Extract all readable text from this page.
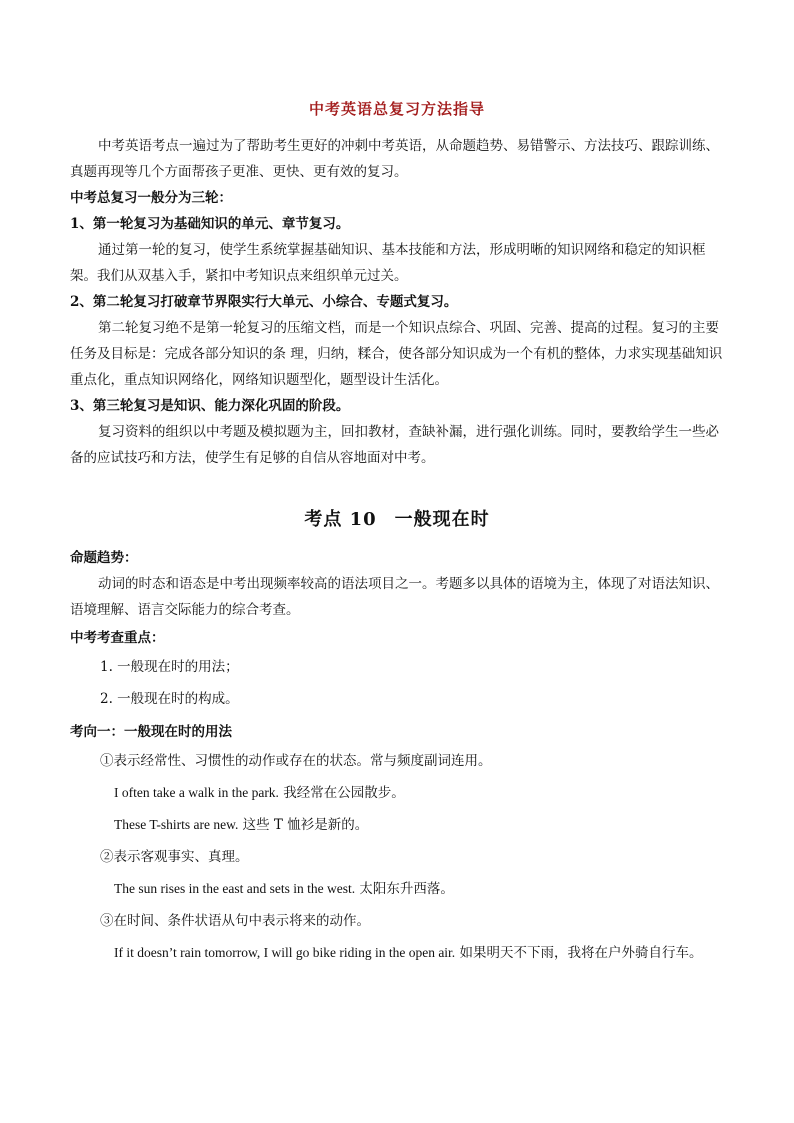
中考英语总复习方法指导

中考英语考点一遍过为了帮助考生更好的冲刺中考英语，从命题趋势、易错警示、方法技巧、跟踪训练、真题再现等几个方面帮孩子更准、更快、更有效的复习。

中考总复习一般分为三轮：

1、第一轮复习为基础知识的单元、章节复习。

通过第一轮的复习，使学生系统掌握基础知识、基本技能和方法，形成明晰的知识网络和稳定的知识框架。我们从双基入手，紧扣中考知识点来组织单元过关。

2、第二轮复习打破章节界限实行大单元、小综合、专题式复习。

第二轮复习绝不是第一轮复习的压缩文档，而是一个知识点综合、巩固、完善、提高的过程。复习的主要任务及目标是：完成各部分知识的条 理，归纳，糅合，使各部分知识成为一个有机的整体，力求实现基础知识重点化，重点知识网络化，网络知识题型化，题型设计生活化。

3、第三轮复习是知识、能力深化巩固的阶段。

复习资料的组织以中考题及模拟题为主，回扣教材，查缺补漏，进行强化训练。同时，要教给学生一些必备的应试技巧和方法，使学生有足够的自信从容地面对中考。

考点 10 一般现在时

命题趋势：

动词的时态和语态是中考出现频率较高的语法项目之一。考题多以具体的语境为主，体现了对语法知识、语境理解、语言交际能力的综合考查。

中考考查重点：

1. 一般现在时的用法；
2. 一般现在时的构成。

考向一：一般现在时的用法

①表示经常性、习惯性的动作或存在的状态。常与频度副词连用。
I often take a walk in the park. 我经常在公园散步。
These T-shirts are new. 这些 T 恤衫是新的。
②表示客观事实、真理。
The sun rises in the east and sets in the west. 太阳东升西落。
③在时间、条件状语从句中表示将来的动作。
If it doesn’t rain tomorrow, I will go bike riding in the open air. 如果明天不下雨，我将在户外骑自行车。
